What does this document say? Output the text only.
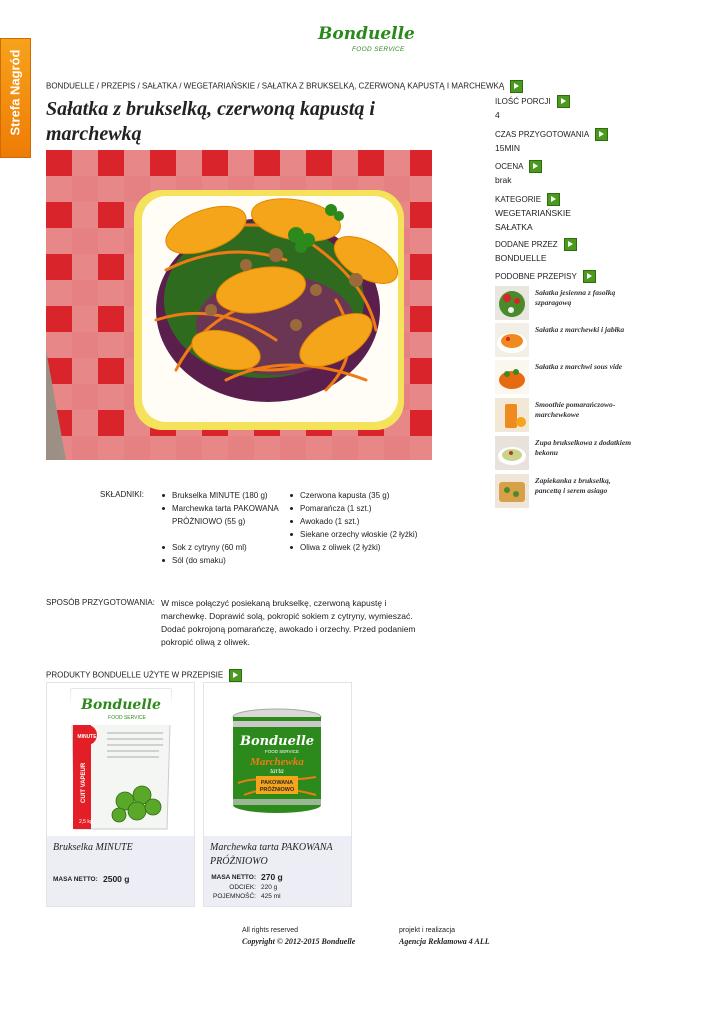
Strefa Nagród
Bonduelle
FOOD SERVICE
BONDUELLE / PRZEPIS / SAŁATKA / WEGETARIAŃSKIE / SAŁATKA Z BRUKSELKĄ, CZERWONĄ KAPUSTĄ I MARCHEWKĄ
Sałatka z brukselką, czerwoną kapustą i marchewką
ILOŚĆ PORCJI
4
CZAS PRZYGOTOWANIA
15MIN
OCENA
brak
KATEGORIE
WEGETARIAŃSKIE
SAŁATKA
DODANE PRZEZ
BONDUELLE
PODOBNE PRZEPISY
Sałatka jesienna z fasolką szparagową
Sałatka z marchewki i jabłka
Sałatka z marchwi sous vide
Smoothie pomarańczowo-marchewkowe
Zupa brukselkowa z dodatkiem bekonu
Zapiekanka z brukselką, pancettą i serem asiago
SKŁADNIKI:	Brukselka MINUTE (180 g)
Marchewka tarta PAKOWANA PRÓŻNIOWO (55 g)
Sok z cytryny (60 ml)
Sól (do smaku)
Czerwona kapusta (35 g)
Pomarańcza (1 szt.)
Awokado (1 szt.)
Siekane orzechy włoskie (2 łyżki)
Oliwa z oliwek (2 łyżki)
SPOSÓB PRZYGOTOWANIA: W misce połączyć posiekaną brukselkę, czerwoną kapustę i marchewkę. Doprawić solą, pokropić sokiem z cytryny, wymieszać. Dodać pokrojoną pomarańczę, awokado i orzechy. Przed podaniem pokropić oliwą z oliwek.
PRODUKTY BONDUELLE UŻYTE W PRZEPISIE
Bonduelle
FOOD SERVICE
MINUTE
CUIT VAPEUR
2,5 kg
Brukselka MINUTE
MASA NETTO: 2500 g
Bonduelle
FOOD SERVICE
Marchewka
tarta
PAKOWANA
PRÓŻNIOWO
Marchewka tarta PAKOWANA PRÓŻNIOWO
MASA NETTO: 270 g
ODCIEK: 220 g
POJEMNOŚĆ: 425 ml
All rights reserved
Copyright © 2012-2015 Bonduelle
projekt i realizacja
Agencja Reklamowa 4 ALL
